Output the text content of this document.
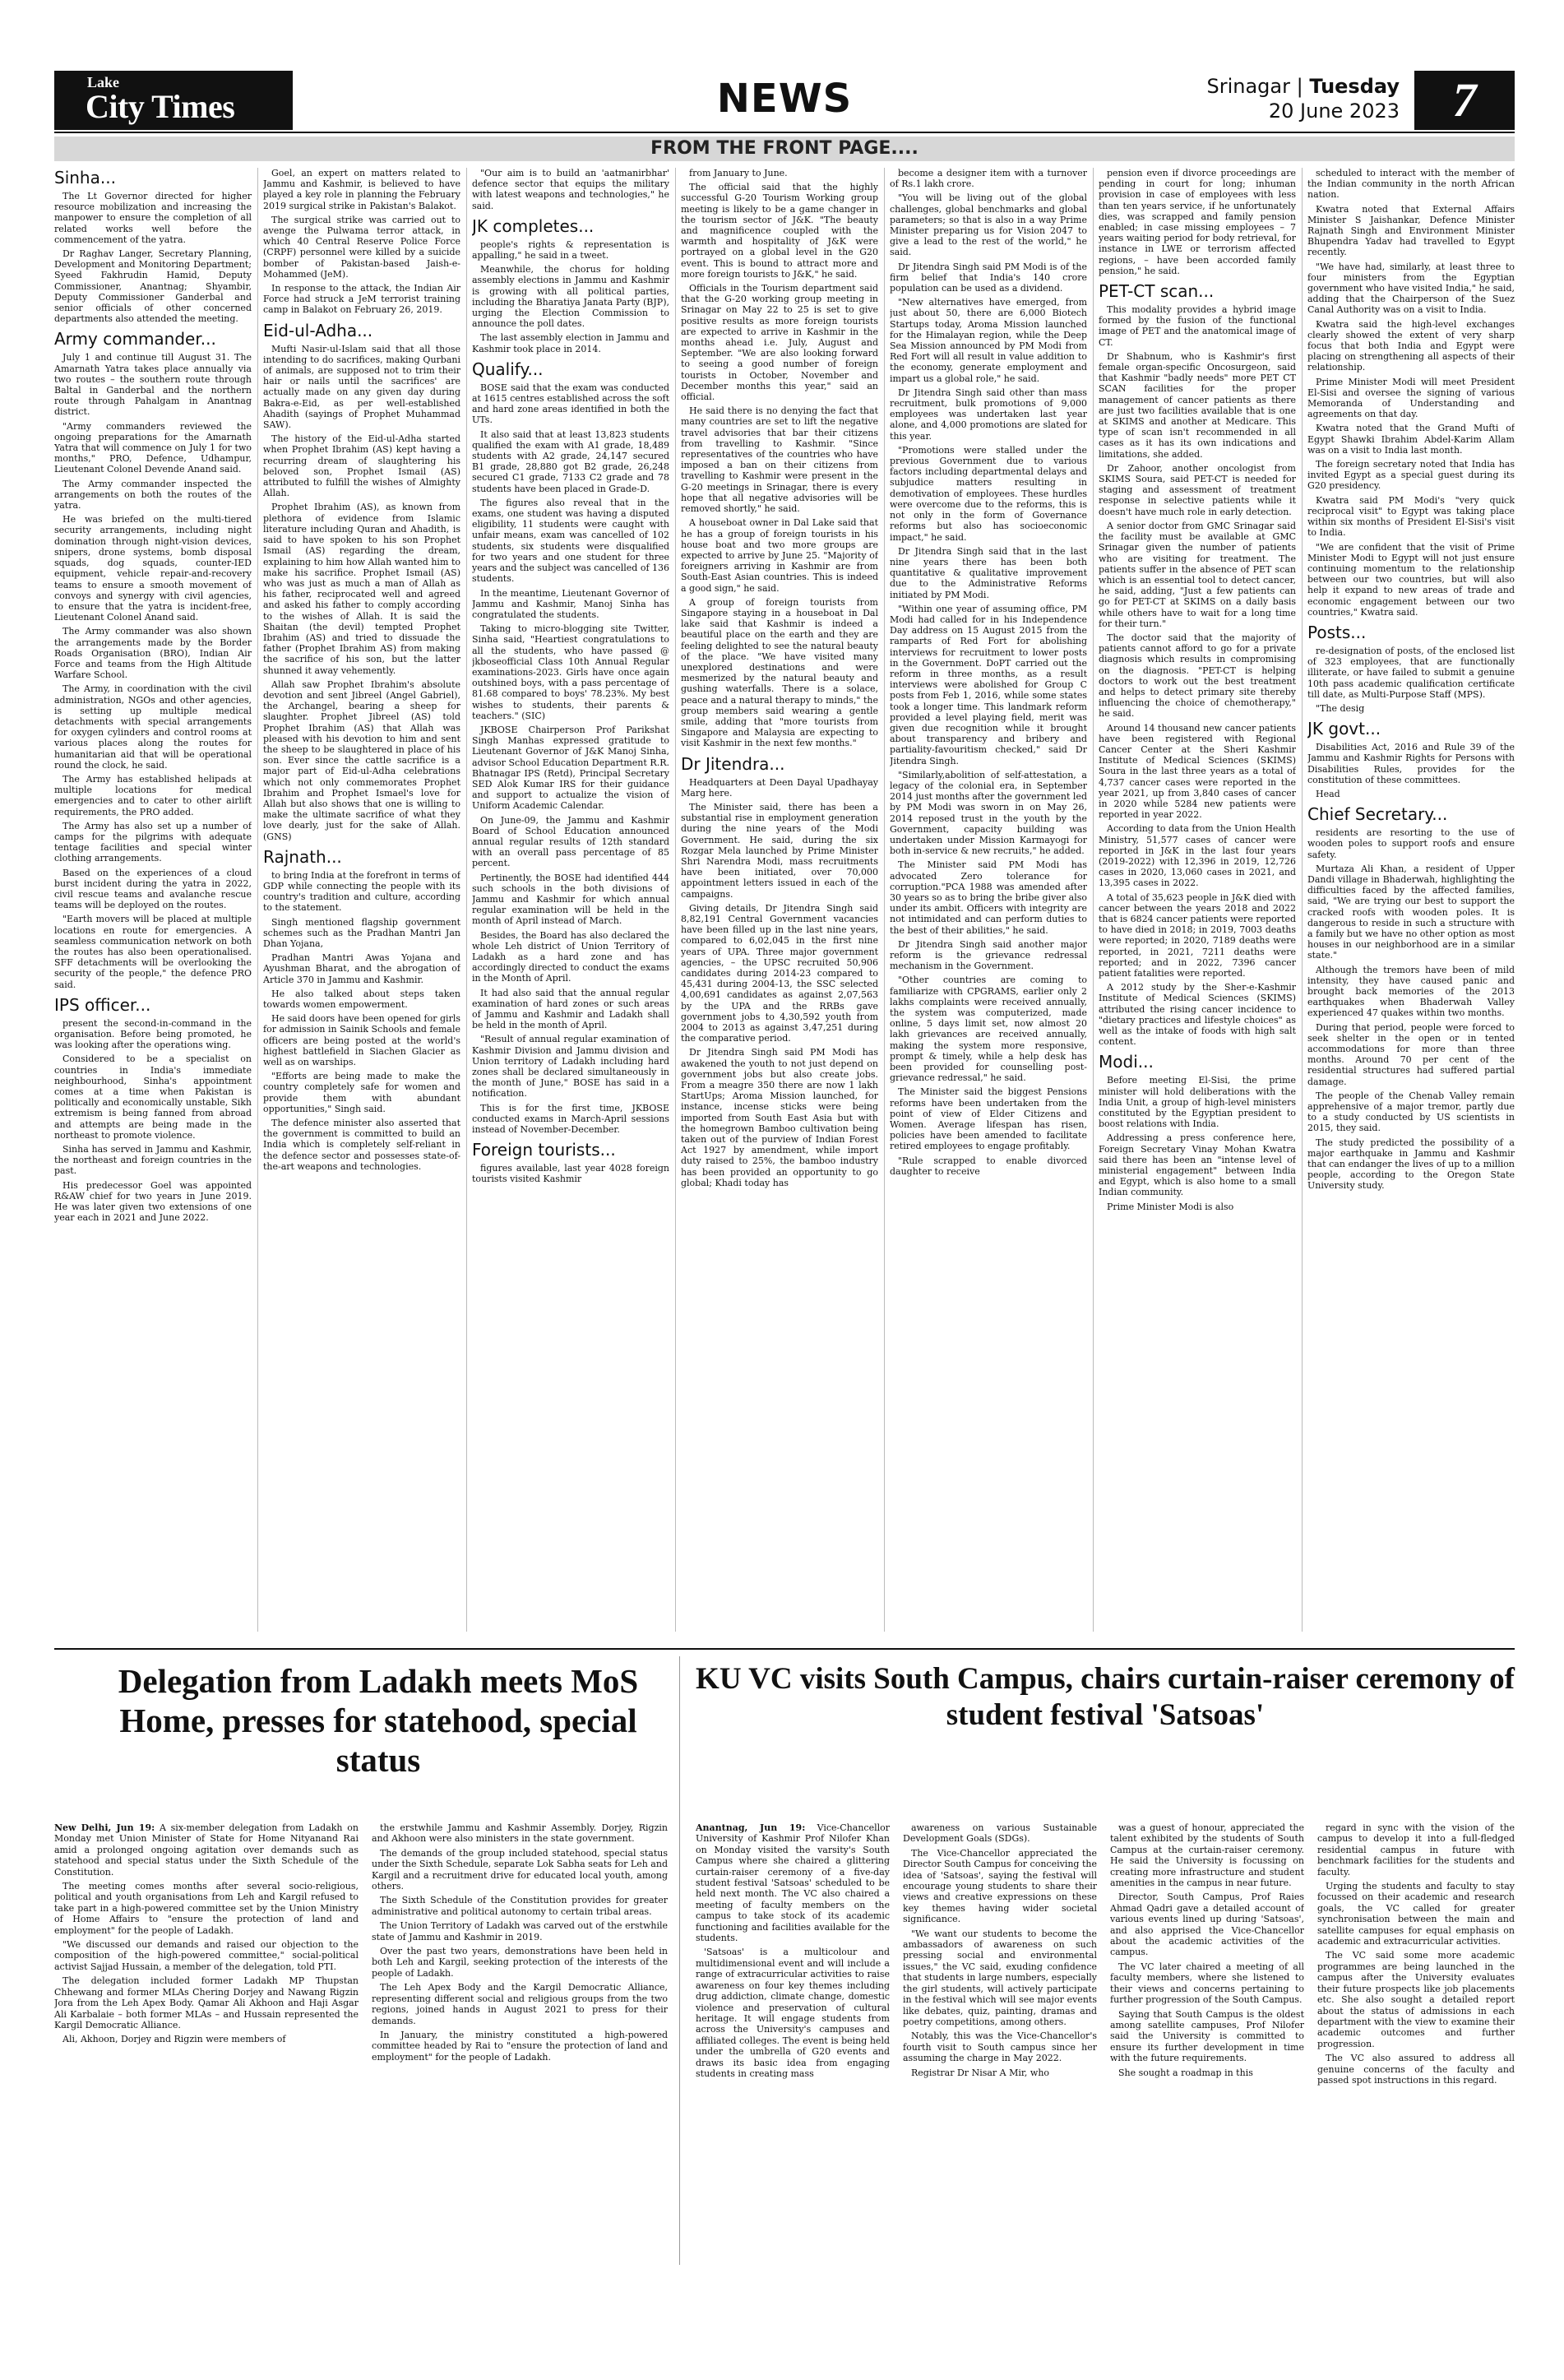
Lake
City Times	NEWS	Srinagar | Tuesday
20 June 2023	7
FROM THE FRONT PAGE....
Sinha...

The Lt Governor directed for higher resource mobilization and increasing the manpower to ensure the completion of all related works well before the commencement of the yatra.

Dr Raghav Langer, Secretary Planning, Development and Monitoring Department; Syeed Fakhrudin Hamid, Deputy Commissioner, Anantnag; Shyambir, Deputy Commissioner Ganderbal and senior officials of other concerned departments also attended the meeting.

Army commander...

July 1 and continue till August 31. The Amarnath Yatra takes place annually via two routes – the southern route through Baltal in Ganderbal and the northern route through Pahalgam in Anantnag district.

"Army commanders reviewed the ongoing preparations for the Amarnath Yatra that will commence on July 1 for two months," PRO, Defence, Udhampur, Lieutenant Colonel Devende Anand said.

The Army commander inspected the arrangements on both the routes of the yatra.

He was briefed on the multi-tiered security arrangements, including night domination through night-vision devices, snipers, drone systems, bomb disposal squads, dog squads, counter-IED equipment, vehicle repair-and-recovery teams to ensure a smooth movement of convoys and synergy with civil agencies, to ensure that the yatra is incident-free, Lieutenant Colonel Anand said.

The Army commander was also shown the arrangements made by the Border Roads Organisation (BRO), Indian Air Force and teams from the High Altitude Warfare School.

The Army, in coordination with the civil administration, NGOs and other agencies, is setting up multiple medical detachments with special arrangements for oxygen cylinders and control rooms at various places along the routes for humanitarian aid that will be operational round the clock, he said.

The Army has established helipads at multiple locations for medical emergencies and to cater to other airlift requirements, the PRO added.

The Army has also set up a number of camps for the pilgrims with adequate tentage facilities and special winter clothing arrangements.

Based on the experiences of a cloud burst incident during the yatra in 2022, civil rescue teams and avalanche rescue teams will be deployed on the routes.

"Earth movers will be placed at multiple locations en route for emergencies. A seamless communication network on both the routes has also been operationalised. SFF detachments will be overlooking the security of the people," the defence PRO said.

IPS officer...

present the second-in-command in the organisation. Before being promoted, he was looking after the operations wing.

Considered to be a specialist on countries in India's immediate neighbourhood, Sinha's appointment comes at a time when Pakistan is politically and economically unstable, Sikh extremism is being fanned from abroad and attempts are being made in the northeast to promote violence.

Sinha has served in Jammu and Kashmir, the northeast and foreign countries in the past.

His predecessor Goel was appointed R&AW chief for two years in June 2019. He was later given two extensions of one year each in 2021 and June 2022.

Goel, an expert on matters related to Jammu and Kashmir, is believed to have played a key role in planning the February 2019 surgical strike in Pakistan's Balakot.

The surgical strike was carried out to avenge the Pulwama terror attack, in which 40 Central Reserve Police Force (CRPF) personnel were killed by a suicide bomber of Pakistan-based Jaish-e-Mohammed (JeM).

In response to the attack, the Indian Air Force had struck a JeM terrorist training camp in Balakot on February 26, 2019.

Eid-ul-Adha...

Mufti Nasir-ul-Islam said that all those intending to do sacrifices, making Qurbani of animals, are supposed not to trim their hair or nails until the sacrifices' are actually made on any given day during Bakra-e-Eid, as per well-established Ahadith (sayings of Prophet Muhammad SAW).

The history of the Eid-ul-Adha started when Prophet Ibrahim (AS) kept having a recurring dream of slaughtering his beloved son, Prophet Ismail (AS) attributed to fulfill the wishes of Almighty Allah.

Prophet Ibrahim (AS), as known from plethora of evidence from Islamic literature including Quran and Ahadith, is said to have spoken to his son Prophet Ismail (AS) regarding the dream, explaining to him how Allah wanted him to make his sacrifice. Prophet Ismail (AS) who was just as much a man of Allah as his father, reciprocated well and agreed and asked his father to comply according to the wishes of Allah. It is said the Shaitan (the devil) tempted Prophet Ibrahim (AS) and tried to dissuade the father (Prophet Ibrahim AS) from making the sacrifice of his son, but the latter shunned it away vehemently.

Allah saw Prophet Ibrahim's absolute devotion and sent Jibreel (Angel Gabriel), the Archangel, bearing a sheep for slaughter. Prophet Jibreel (AS) told Prophet Ibrahim (AS) that Allah was pleased with his devotion to him and sent the sheep to be slaughtered in place of his son. Ever since the cattle sacrifice is a major part of Eid-ul-Adha celebrations which not only commemorates Prophet Ibrahim and Prophet Ismael's love for Allah but also shows that one is willing to make the ultimate sacrifice of what they love dearly, just for the sake of Allah. (GNS)

Rajnath...

to bring India at the forefront in terms of GDP while connecting the people with its country's tradition and culture, according to the statement.

Singh mentioned flagship government schemes such as the Pradhan Mantri Jan Dhan Yojana,

Pradhan Mantri Awas Yojana and Ayushman Bharat, and the abrogation of Article 370 in Jammu and Kashmir.

He also talked about steps taken towards women empowerment.

He said doors have been opened for girls for admission in Sainik Schools and female officers are being posted at the world's highest battlefield in Siachen Glacier as well as on warships.

"Efforts are being made to make the country completely safe for women and provide them with abundant opportunities," Singh said.

The defence minister also asserted that the government is committed to build an India which is completely self-reliant in the defence sector and possesses state-of-the-art weapons and technologies.

"Our aim is to build an 'aatmanirbhar' defence sector that equips the military with latest weapons and technologies," he said.

JK completes...

people's rights & representation is appalling," he said in a tweet.

Meanwhile, the chorus for holding assembly elections in Jammu and Kashmir is growing with all political parties, including the Bharatiya Janata Party (BJP), urging the Election Commission to announce the poll dates.

The last assembly election in Jammu and Kashmir took place in 2014.

Qualify...

BOSE said that the exam was conducted at 1615 centres established across the soft and hard zone areas identified in both the UTs.

It also said that at least 13,823 students qualified the exam with A1 grade, 18,489 students with A2 grade, 24,147 secured B1 grade, 28,880 got B2 grade, 26,248 secured C1 grade, 7133 C2 grade and 78 students have been placed in Grade-D.

The figures also reveal that in the exams, one student was having a disputed eligibility, 11 students were caught with unfair means, exam was cancelled of 102 students, six students were disqualified for two years and one student for three years and the subject was cancelled of 136 students.

In the meantime, Lieutenant Governor of Jammu and Kashmir, Manoj Sinha has congratulated the students.

Taking to micro-blogging site Twitter, Sinha said, "Heartiest congratulations to all the students, who have passed @ jkboseofficial Class 10th Annual Regular examinations-2023. Girls have once again outshined boys, with a pass percentage of 81.68 compared to boys' 78.23%. My best wishes to students, their parents & teachers." (SIC)

JKBOSE Chairperson Prof Parikshat Singh Manhas expressed gratitude to Lieutenant Governor of J&K Manoj Sinha, advisor School Education Department R.R. Bhatnagar IPS (Retd), Principal Secretary SED Alok Kumar IRS for their guidance and support to actualize the vision of Uniform Academic Calendar.

On June-09, the Jammu and Kashmir Board of School Education announced annual regular results of 12th standard with an overall pass percentage of 85 percent.

Pertinently, the BOSE had identified 444 such schools in the both divisions of Jammu and Kashmir for which annual regular examination will be held in the month of April instead of March.

Besides, the Board has also declared the whole Leh district of Union Territory of Ladakh as a hard zone and has accordingly directed to conduct the exams in the Month of April.

It had also said that the annual regular examination of hard zones or such areas of Jammu and Kashmir and Ladakh shall be held in the month of April.

"Result of annual regular examination of Kashmir Division and Jammu division and Union territory of Ladakh including hard zones shall be declared simultaneously in the month of June," BOSE has said in a notification.

This is for the first time, JKBOSE conducted exams in March-April sessions instead of November-December.

Foreign tourists...

figures available, last year 4028 foreign tourists visited Kashmir

from January to June.

The official said that the highly successful G-20 Tourism Working group meeting is likely to be a game changer in the tourism sector of J&K. "The beauty and magnificence coupled with the warmth and hospitality of J&K were portrayed on a global level in the G20 event. This is bound to attract more and more foreign tourists to J&K," he said.

Officials in the Tourism department said that the G-20 working group meeting in Srinagar on May 22 to 25 is set to give positive results as more foreign tourists are expected to arrive in Kashmir in the months ahead i.e. July, August and September. "We are also looking forward to seeing a good number of foreign tourists in October, November and December months this year," said an official.

He said there is no denying the fact that many countries are set to lift the negative travel advisories that bar their citizens from travelling to Kashmir. "Since representatives of the countries who have imposed a ban on their citizens from travelling to Kashmir were present in the G-20 meetings in Srinagar, there is every hope that all negative advisories will be removed shortly," he said.

A houseboat owner in Dal Lake said that he has a group of foreign tourists in his house boat and two more groups are expected to arrive by June 25. "Majority of foreigners arriving in Kashmir are from South-East Asian countries. This is indeed a good sign," he said.

A group of foreign tourists from Singapore staying in a houseboat in Dal lake said that Kashmir is indeed a beautiful place on the earth and they are feeling delighted to see the natural beauty of the place. "We have visited many unexplored destinations and were mesmerized by the natural beauty and gushing waterfalls. There is a solace, peace and a natural therapy to minds," the group members said wearing a gentle smile, adding that "more tourists from Singapore and Malaysia are expecting to visit Kashmir in the next few months."

Dr Jitendra...

Headquarters at Deen Dayal Upadhayay Marg here.

The Minister said, there has been a substantial rise in employment generation during the nine years of the Modi Government. He said, during the six Rozgar Mela launched by Prime Minister Shri Narendra Modi, mass recruitments have been initiated, over 70,000 appointment letters issued in each of the campaigns.

Giving details, Dr Jitendra Singh said 8,82,191 Central Government vacancies have been filled up in the last nine years, compared to 6,02,045 in the first nine years of UPA. Three major government agencies, – the UPSC recruited 50,906 candidates during 2014-23 compared to 45,431 during 2004-13, the SSC selected 4,00,691 candidates as against 2,07,563 by the UPA and the RRBs gave government jobs to 4,30,592 youth from 2004 to 2013 as against 3,47,251 during the comparative period.

Dr Jitendra Singh said PM Modi has awakened the youth to not just depend on government jobs but also create jobs. From a meagre 350 there are now 1 lakh StartUps; Aroma Mission launched, for instance, incense sticks were being imported from South East Asia but with the homegrown Bamboo cultivation being taken out of the purview of Indian Forest Act 1927 by amendment, while import duty raised to 25%, the bamboo industry has been provided an opportunity to go global; Khadi today has

become a designer item with a turnover of Rs.1 lakh crore.

"You will be living out of the global challenges, global benchmarks and global parameters; so that is also in a way Prime Minister preparing us for Vision 2047 to give a lead to the rest of the world," he said.

Dr Jitendra Singh said PM Modi is of the firm belief that India's 140 crore population can be used as a dividend.

"New alternatives have emerged, from just about 50, there are 6,000 Biotech Startups today, Aroma Mission launched for the Himalayan region, while the Deep Sea Mission announced by PM Modi from Red Fort will all result in value addition to the economy, generate employment and impart us a global role," he said.

Dr Jitendra Singh said other than mass recruitment, bulk promotions of 9,000 employees was undertaken last year alone, and 4,000 promotions are slated for this year.

"Promotions were stalled under the previous Government due to various factors including departmental delays and subjudice matters resulting in demotivation of employees. These hurdles were overcome due to the reforms, this is not only in the form of Governance reforms but also has socioeconomic impact," he said.

Dr Jitendra Singh said that in the last nine years there has been both quantitative & qualitative improvement due to the Administrative Reforms initiated by PM Modi.

"Within one year of assuming office, PM Modi had called for in his Independence Day address on 15 August 2015 from the ramparts of Red Fort for abolishing interviews for recruitment to lower posts in the Government. DoPT carried out the reform in three months, as a result interviews were abolished for Group C posts from Feb 1, 2016, while some states took a longer time. This landmark reform provided a level playing field, merit was given due recognition while it brought about transparency and bribery and partiality-favouritism checked," said Dr Jitendra Singh.

"Similarly,abolition of self-attestation, a legacy of the colonial era, in September 2014 just months after the government led by PM Modi was sworn in on May 26, 2014 reposed trust in the youth by the Government, capacity building was undertaken under Mission Karmayogi for both in-service & new recruits," he added.

The Minister said PM Modi has advocated Zero tolerance for corruption."PCA 1988 was amended after 30 years so as to bring the bribe giver also under its ambit. Officers with integrity are not intimidated and can perform duties to the best of their abilities," he said.

Dr Jitendra Singh said another major reform is the grievance redressal mechanism in the Government.

"Other countries are coming to familiarize with CPGRAMS, earlier only 2 lakhs complaints were received annually, the system was computerized, made online, 5 days limit set, now almost 20 lakh grievances are received annually, making the system more responsive, prompt & timely, while a help desk has been provided for counselling post-grievance redressal," he said.

The Minister said the biggest Pensions reforms have been undertaken from the point of view of Elder Citizens and Women. Average lifespan has risen, policies have been amended to facilitate retired employees to engage profitably.

"Rule scrapped to enable divorced daughter to receive

pension even if divorce proceedings are pending in court for long; inhuman provision in case of employees with less than ten years service, if he unfortunately dies, was scrapped and family pension enabled; in case missing employees – 7 years waiting period for body retrieval, for instance in LWE or terrorism affected regions, – have been accorded family pension," he said.

PET-CT scan...

This modality provides a hybrid image formed by the fusion of the functional image of PET and the anatomical image of CT.

Dr Shabnum, who is Kashmir's first female organ-specific Oncosurgeon, said that Kashmir "badly needs" more PET CT SCAN facilities for the proper management of cancer patients as there are just two facilities available that is one at SKIMS and another at Medicare. This type of scan isn't recommended in all cases as it has its own indications and limitations, she added.

Dr Zahoor, another oncologist from SKIMS Soura, said PET-CT is needed for staging and assessment of treatment response in selective patients while it doesn't have much role in early detection.

A senior doctor from GMC Srinagar said the facility must be available at GMC Srinagar given the number of patients who are visiting for treatment. The patients suffer in the absence of PET scan which is an essential tool to detect cancer, he said, adding, "Just a few patients can go for PET-CT at SKIMS on a daily basis while others have to wait for a long time for their turn."

The doctor said that the majority of patients cannot afford to go for a private diagnosis which results in compromising on the diagnosis. "PET-CT is helping doctors to work out the best treatment and helps to detect primary site thereby influencing the choice of chemotherapy," he said.

Around 14 thousand new cancer patients have been registered with Regional Cancer Center at the Sheri Kashmir Institute of Medical Sciences (SKIMS) Soura in the last three years as a total of 4,737 cancer cases were reported in the year 2021, up from 3,840 cases of cancer in 2020 while 5284 new patients were reported in year 2022.

According to data from the Union Health Ministry, 51,577 cases of cancer were reported in J&K in the last four years (2019-2022) with 12,396 in 2019, 12,726 cases in 2020, 13,060 cases in 2021, and 13,395 cases in 2022.

A total of 35,623 people in J&K died with cancer between the years 2018 and 2022 that is 6824 cancer patients were reported to have died in 2018; in 2019, 7003 deaths were reported; in 2020, 7189 deaths were reported, in 2021, 7211 deaths were reported; and in 2022, 7396 cancer patient fatalities were reported.

A 2012 study by the Sher-e-Kashmir Institute of Medical Sciences (SKIMS) attributed the rising cancer incidence to "dietary practices and lifestyle choices" as well as the intake of foods with high salt content.

Modi...

Before meeting El-Sisi, the prime minister will hold deliberations with the India Unit, a group of high-level ministers constituted by the Egyptian president to boost relations with India.

Addressing a press conference here, Foreign Secretary Vinay Mohan Kwatra said there has been an "intense level of ministerial engagement" between India and Egypt, which is also home to a small Indian community.

Prime Minister Modi is also

scheduled to interact with the member of the Indian community in the north African nation.

Kwatra noted that External Affairs Minister S Jaishankar, Defence Minister Rajnath Singh and Environment Minister Bhupendra Yadav had travelled to Egypt recently.

"We have had, similarly, at least three to four ministers from the Egyptian government who have visited India," he said, adding that the Chairperson of the Suez Canal Authority was on a visit to India.

Kwatra said the high-level exchanges clearly showed the extent of very sharp focus that both India and Egypt were placing on strengthening all aspects of their relationship.

Prime Minister Modi will meet President El-Sisi and oversee the signing of various Memoranda of Understanding and agreements on that day.

Kwatra noted that the Grand Mufti of Egypt Shawki Ibrahim Abdel-Karim Allam was on a visit to India last month.

The foreign secretary noted that India has invited Egypt as a special guest during its G20 presidency.

Kwatra said PM Modi's "very quick reciprocal visit" to Egypt was taking place within six months of President El-Sisi's visit to India.

"We are confident that the visit of Prime Minister Modi to Egypt will not just ensure continuing momentum to the relationship between our two countries, but will also help it expand to new areas of trade and economic engagement between our two countries," Kwatra said.

Posts...

re-designation of posts, of the enclosed list of 323 employees, that are functionally illiterate, or have failed to submit a genuine 10th pass academic qualification certificate till date, as Multi-Purpose Staff (MPS).

"The desig

JK govt...

Disabilities Act, 2016 and Rule 39 of the Jammu and Kashmir Rights for Persons with Disabilities Rules, provides for the constitution of these committees.

Head

Chief Secretary...

residents are resorting to the use of wooden poles to support roofs and ensure safety.

Murtaza Ali Khan, a resident of Upper Dandi village in Bhaderwah, highlighting the difficulties faced by the affected families, said, "We are trying our best to support the cracked roofs with wooden poles. It is dangerous to reside in such a structure with a family but we have no other option as most houses in our neighborhood are in a similar state."

Although the tremors have been of mild intensity, they have caused panic and brought back memories of the 2013 earthquakes when Bhaderwah Valley experienced 47 quakes within two months.

During that period, people were forced to seek shelter in the open or in tented accommodations for more than three months. Around 70 per cent of the residential structures had suffered partial damage.

The people of the Chenab Valley remain apprehensive of a major tremor, partly due to a study conducted by US scientists in 2015, they said.

The study predicted the possibility of a major earthquake in Jammu and Kashmir that can endanger the lives of up to a million people, according to the Oregon State University study.

Delegation from Ladakh meets MoS Home, presses for statehood, special status

New Delhi, Jun 19: A six-member delegation from Ladakh on Monday met Union Minister of State for Home Nityanand Rai amid a prolonged ongoing agitation over demands such as statehood and special status under the Sixth Schedule of the Constitution.

The meeting comes months after several socio-religious, political and youth organisations from Leh and Kargil refused to take part in a high-powered committee set by the Union Ministry of Home Affairs to "ensure the protection of land and employment" for the people of Ladakh.

"We discussed our demands and raised our objection to the composition of the high-powered committee," social-political activist Sajjad Hussain, a member of the delegation, told PTI.

The delegation included former Ladakh MP Thupstan Chhewang and former MLAs Chering Dorjey and Nawang Rigzin Jora from the Leh Apex Body. Qamar Ali Akhoon and Haji Asgar Ali Karbalaie – both former MLAs – and Hussain represented the Kargil Democratic Alliance.

Ali, Akhoon, Dorjey and Rigzin were members of

the erstwhile Jammu and Kashmir Assembly. Dorjey, Rigzin and Akhoon were also ministers in the state government.

The demands of the group included statehood, special status under the Sixth Schedule, separate Lok Sabha seats for Leh and Kargil and a recruitment drive for educated local youth, among others.

The Sixth Schedule of the Constitution provides for greater administrative and political autonomy to certain tribal areas.

The Union Territory of Ladakh was carved out of the erstwhile state of Jammu and Kashmir in 2019.

Over the past two years, demonstrations have been held in both Leh and Kargil, seeking protection of the interests of the people of Ladakh.

The Leh Apex Body and the Kargil Democratic Alliance, representing different social and religious groups from the two regions, joined hands in August 2021 to press for their demands.

In January, the ministry constituted a high-powered committee headed by Rai to "ensure the protection of land and employment" for the people of Ladakh.

KU VC visits South Campus, chairs curtain-raiser ceremony of student festival 'Satsoas'

Anantnag, Jun 19: Vice-Chancellor University of Kashmir Prof Nilofer Khan on Monday visited the varsity's South Campus where she chaired a glittering curtain-raiser ceremony of a five-day student festival 'Satsoas' scheduled to be held next month. The VC also chaired a meeting of faculty members on the campus to take stock of its academic functioning and facilities available for the students.

'Satsoas' is a multicolour and multidimensional event and will include a range of extracurricular activities to raise awareness on four key themes including drug addiction, climate change, domestic violence and preservation of cultural heritage. It will engage students from across the University's campuses and affiliated colleges. The event is being held under the umbrella of G20 events and draws its basic idea from engaging students in creating mass

awareness on various Sustainable Development Goals (SDGs).

The Vice-Chancellor appreciated the Director South Campus for conceiving the idea of 'Satsoas', saying the festival will encourage young students to share their views and creative expressions on these key themes having wider societal significance.

"We want our students to become the ambassadors of awareness on such pressing social and environmental issues," the VC said, exuding confidence that students in large numbers, especially the girl students, will actively participate in the festival which will see major events like debates, quiz, painting, dramas and poetry competitions, among others.

Notably, this was the Vice-Chancellor's fourth visit to South campus since her assuming the charge in May 2022.

Registrar Dr Nisar A Mir, who

was a guest of honour, appreciated the talent exhibited by the students of South Campus at the curtain-raiser ceremony. He said the University is focussing on creating more infrastructure and student amenities in the campus in near future.

Director, South Campus, Prof Raies Ahmad Qadri gave a detailed account of various events lined up during 'Satsoas', and also apprised the Vice-Chancellor about the academic activities of the campus.

The VC later chaired a meeting of all faculty members, where she listened to their views and concerns pertaining to further progression of the South Campus.

Saying that South Campus is the oldest among satellite campuses, Prof Nilofer said the University is committed to ensure its further development in time with the future requirements.

She sought a roadmap in this

regard in sync with the vision of the campus to develop it into a full-fledged residential campus in future with benchmark facilities for the students and faculty.

Urging the students and faculty to stay focussed on their academic and research goals, the VC called for greater synchronisation between the main and satellite campuses for equal emphasis on academic and extracurricular activities.

The VC said some more academic programmes are being launched in the campus after the University evaluates their future prospects like job placements etc. She also sought a detailed report about the status of admissions in each department with the view to examine their academic outcomes and further progression.

The VC also assured to address all genuine concerns of the faculty and passed spot instructions in this regard.
